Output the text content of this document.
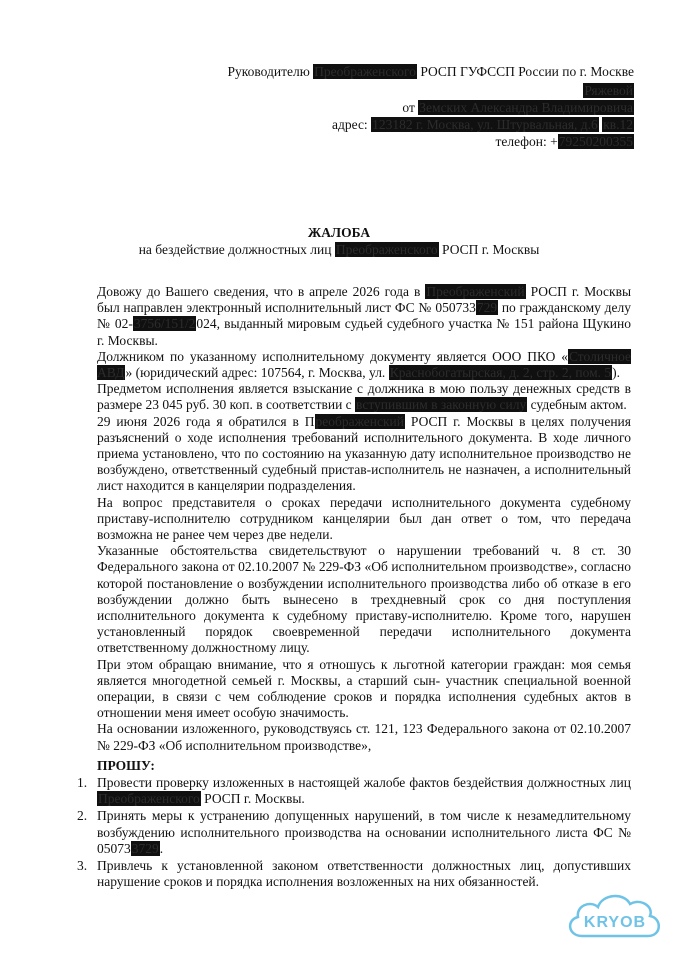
Руководителю Преображенского РОСП ГУФССП России по г. Москве
Ряжевой
от Земских Александра Владимировича
адрес: 123182 г. Москва, ул. Штурвальная, д.6 кв.12
телефон: +79250200355
ЖАЛОБА
на бездействие должностных лиц Преображенского РОСП г. Москвы

Довожу до Вашего сведения, что в апреле 2026 года в Преображенский РОСП г. Москвы был направлен электронный исполнительный лист ФС № 050733729 по гражданскому делу № 02-3756/151/2024, выданный мировым судьей судебного участка № 151 района Щукино г. Москвы.

Должником по указанному исполнительному документу является ООО ПКО «Столичное АВД» (юридический адрес: 107564, г. Москва, ул. Краснобогатырская, д. 2, стр. 2, пом. 5).

Предметом исполнения является взыскание с должника в мою пользу денежных средств в размере 23 045 руб. 30 коп. в соответствии с вступившим в законную силу судебным актом.

29 июня 2026 года я обратился в Преображенский РОСП г. Москвы в целях получения разъяснений о ходе исполнения требований исполнительного документа. В ходе личного приема установлено, что по состоянию на указанную дату исполнительное производство не возбуждено, ответственный судебный пристав-исполнитель не назначен, а исполнительный лист находится в канцелярии подразделения.

На вопрос представителя о сроках передачи исполнительного документа судебному приставу-исполнителю сотрудником канцелярии был дан ответ о том, что передача возможна не ранее чем через две недели.

Указанные обстоятельства свидетельствуют о нарушении требований ч. 8 ст. 30 Федерального закона от 02.10.2007 № 229-ФЗ «Об исполнительном производстве», согласно которой постановление о возбуждении исполнительного производства либо об отказе в его возбуждении должно быть вынесено в трехдневный срок со дня поступления исполнительного документа к судебному приставу-исполнителю. Кроме того, нарушен установленный порядок своевременной передачи исполнительного документа ответственному должностному лицу.

При этом обращаю внимание, что я отношусь к льготной категории граждан: моя семья является многодетной семьей г. Москвы, а старший сын- участник специальной военной операции, в связи с чем соблюдение сроков и порядка исполнения судебных актов в отношении меня имеет особую значимость.

На основании изложенного, руководствуясь ст. 121, 123 Федерального закона от 02.10.2007 № 229-ФЗ «Об исполнительном производстве»,

ПРОШУ:
1. Провести проверку изложенных в настоящей жалобе фактов бездействия должностных лиц Преображенского РОСП г. Москвы.
2. Принять меры к устранению допущенных нарушений, в том числе к незамедлительному возбуждению исполнительного производства на основании исполнительного листа ФС № 050733729.
3. Привлечь к установленной законом ответственности должностных лиц, допустивших нарушение сроков и порядка исполнения возложенных на них обязанностей.
KRYOB
